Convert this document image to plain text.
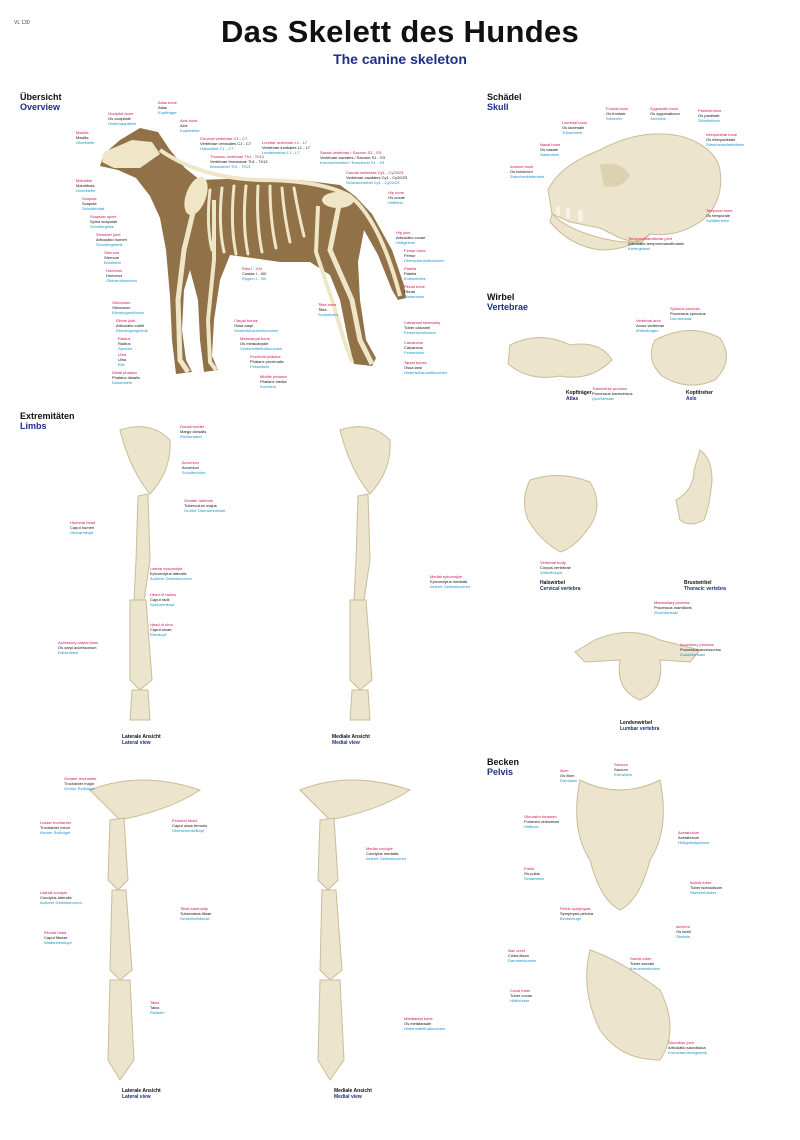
VL 130	Das Skelett des Hundes
The canine skeleton
Übersicht
Overview
Schädel
Skull
Wirbel
Vertebrae
Extremitäten
Limbs
Becken
Pelvis
Occipital bone
Os occipitale
Hinterhauptbein
Maxilla
Maxilla
Oberkiefer
Mandible
Mandibula
Unterkiefer
Scapula
Scapula
Schulterblatt
Scapular spine
Spina scapulae
Schultergräte
Shoulder joint
Articulatio humeri
Schultergelenk
Sternum
Sternum
Brustbein
Humerus
Humerus
Oberarmknochen
Olecranon
Olecranon
Ellenbogenhöcker
Elbow joint
Articulatio cubiti
Ellenbogengelenk
Radius
Radius
Speiche
Ulna
Ulna
Elle
Distal phalanx
Phalanx distalis
Klauenbein
Atlas bone
Atlas
Kopfträger
Axis bone
Axis
Kopfdreher
Cervical vertebrae C1 - C7
Vertebrae cervicales C1 - C7
Halswirbel C1 - C7
Thoracic vertebrae Th1 - Th13
Vertebrae thoracicae Th1 - Th13
Brustwirbel Th1 - Th13
Lumbar vertebrae L1 - L7
Vertebrae lumbales L1 - L7
Lendenwirbel L1 - L7	Sacral vertebrae / Sacrum S1 - S3
Vertebrae sacrales / Sacrum S1 - S3
Kreuzbeinwirbel / Kreuzbein S1 - S3
Caudal vertebrae Cy1 - Cy20/23
Vertebrae caudales Cy1 - Cy20/23
Schwanzwirbel Cy1 - Cy20/23
Hip bone
Os coxae
Hüftbein
Hip joint
Articulatio coxae
Hüftgelenk
Femur bone
Femur
Oberschenkelknochen
Patella
Patella
Kniescheibe
Fibula bone
Fibula
Wadenbein
Tibia bone
Tibia
Schienbein
Calcaneal tuberosity
Tuber calcanei
Fersenbeinhöcker
Calcaneus
Calcaneus
Fersenbein
Tarsal bones
Ossa tarsi
Hinterfußwurzelknochen
Ribs I - XIII
Costae I - XIII
Rippen I - XIII
Metacarpal bone
Os metacarpale
Vordermittelfußknochen
Carpal bones
Ossa carpi
Vorderfußwurzelknochen
Proximal phalanx
Phalanx proximalis
Fesselbein
Middle phalanx
Phalanx media
Kronbein
Frontal bone
Os frontale
Stirnbein
Zygomatic bone
Os zygomaticum
Jochbein
Parietal bone
Os parietale
Scheitelbein
Lacrimal bone
Os lacrimale
Tränenbein
Nasal bone
Os nasale
Nasenbein
Interparietal bone
Os interparietale
Zwischenscheitelbein
Incisive bone
Os incisivum
Zwischenkieferbein
Temporal bone
Os temporale
Schläfenbein
Temporomandibular joint
Articulatio temporomandibularis
Kiefergelenk
Spinous process
Processus spinosus
Dornfortsatz
Transverse process
Processus transversus
Querfortsatz
Vertebral arch
Arcus vertebrae
Wirbelbogen
Vertebral body
Corpus vertebrae
Wirbelkörper
Mammillary process
Processus mamillaris
Zitzenfortsatz
Accessory process
Processus accessorius
Zusatzfortsatz
Kopfträger
Atlas
Kopfdreher
Axis
Halswirbel
Cervical vertebra
Brustwirbel
Thoracic vertebra
Lendenwirbel
Lumbar vertebra
Dorsal border
Margo dorsalis
Rückenrand
Acromion
Acromion
Schulterhöhe
Humeral head
Caput humeri
Oberarmkopf
Greater tubercle
Tuberculum majus
Großer Oberarmhöcker
Lateral epicondyle
Epicondylus lateralis
Äußerer Gelenkknorren	Medial epicondyle
Epicondylus medialis
Innerer Gelenkknorren
Head of radius
Caput radii
Speichenkopf
Head of ulna
Caput ulnae
Ellenkopf
Accessory carpal bone
Os carpi accessorium
Erbsenbein
Laterale Ansicht
Lateral view
Mediale Ansicht
Medial view
Greater trochanter
Trochanter major
Großer Rollhügel
Lesser trochanter
Trochanter minor
Kleiner Rollhügel
Femoral head
Caput ossis femoris
Oberschenkelkopf
Lateral condyle
Condylus lateralis
Äußerer Gelenkknorren
Medial condyle
Condylus medialis
Innerer Gelenkknorren
Tibial tuberosity
Tuberositas tibiae
Schienbeinbeule
Fibular head
Caput fibulae
Wadenbeinkopf
Talus
Talus
Rollbein
Metatarsal bone
Os metatarsale
Hintermittelfußknochen
Laterale Ansicht
Lateral view
Mediale Ansicht
Medial view
Ilium
Os ilium
Darmbein
Ischium
Os ischii
Sitzbein
Pubis
Os pubis
Schambein
Sacrum
Sacrum
Kreuzbein
Obturator foramen
Foramen obturatum
Hüftloch
Acetabulum
Acetabulum
Hüftgelenkpfanne
Pelvic symphysis
Symphysis pelvina
Beckenfuge
Ischial tuber
Tuber ischiadicum
Sitzbeinhöcker
Coxal tuber
Tuber coxae
Hüfthöcker
Sacral tuber
Tuber sacrale
Kreuzbeinhöcker
Iliac crest
Crista iliaca
Darmbeinkamm
Sacroiliac joint
Articulatio sacroiliaca
Kreuzdarmbeingelenk
